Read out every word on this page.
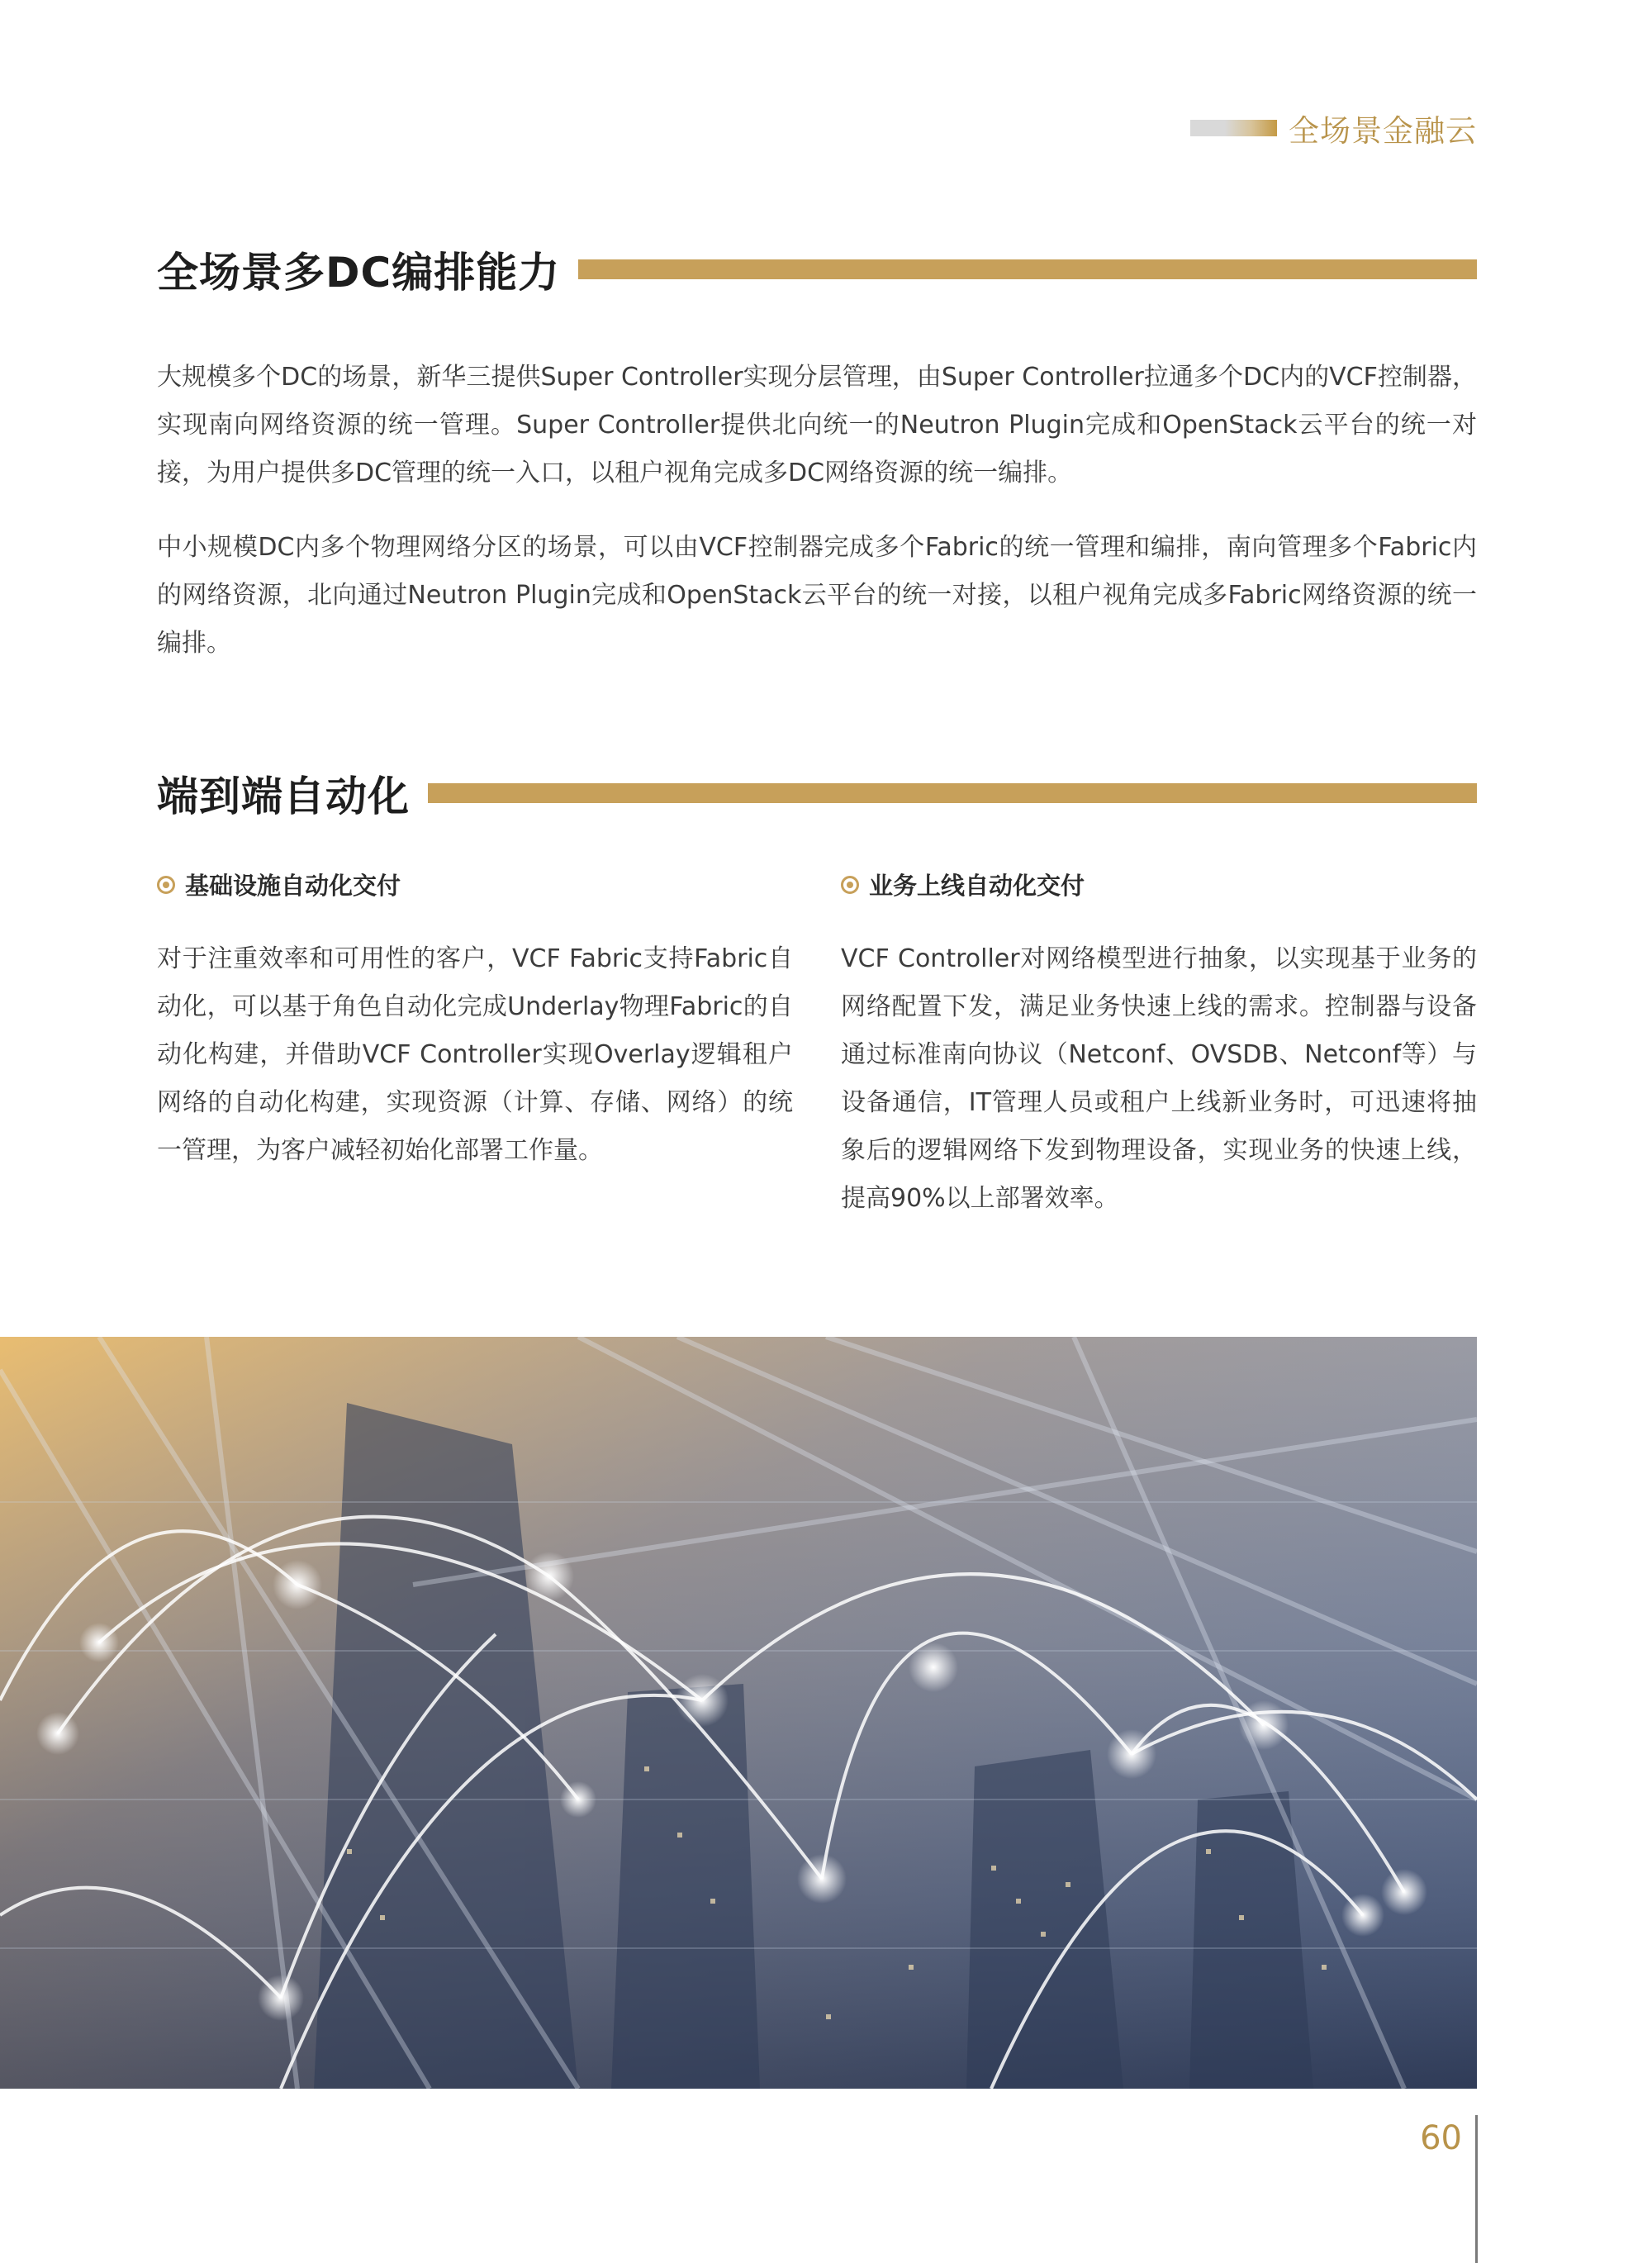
全场景金融云
全场景多DC编排能力

大规模多个DC的场景，新华三提供Super Controller实现分层管理，由Super Controller拉通多个DC内的VCF控制器，实现南向网络资源的统一管理。Super Controller提供北向统一的Neutron Plugin完成和OpenStack云平台的统一对接，为用户提供多DC管理的统一入口，以租户视角完成多DC网络资源的统一编排。

中小规模DC内多个物理网络分区的场景，可以由VCF控制器完成多个Fabric的统一管理和编排，南向管理多个Fabric内的网络资源，北向通过Neutron Plugin完成和OpenStack云平台的统一对接，以租户视角完成多Fabric网络资源的统一编排。

端到端自动化
基础设施自动化交付	业务上线自动化交付

对于注重效率和可用性的客户，VCF Fabric支持Fabric自动化，可以基于角色自动化完成Underlay物理Fabric的自动化构建，并借助VCF Controller实现Overlay逻辑租户网络的自动化构建，实现资源（计算、存储、网络）的统一管理，为客户减轻初始化部署工作量。

VCF Controller对网络模型进行抽象，以实现基于业务的网络配置下发，满足业务快速上线的需求。控制器与设备通过标准南向协议（Netconf、OVSDB、Netconf等）与设备通信，IT管理人员或租户上线新业务时，可迅速将抽象后的逻辑网络下发到物理设备，实现业务的快速上线，提高90%以上部署效率。

60
